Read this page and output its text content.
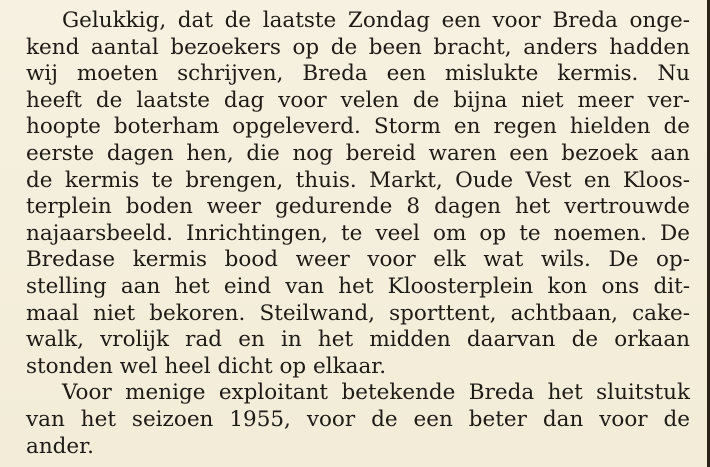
Gelukkig, dat de laatste Zondag een voor Breda onge-
kend aantal bezoekers op de been bracht, anders hadden
wij moeten schrijven, Breda een mislukte kermis. Nu
heeft de laatste dag voor velen de bijna niet meer ver-
hoopte boterham opgeleverd. Storm en regen hielden de
eerste dagen hen, die nog bereid waren een bezoek aan
de kermis te brengen, thuis. Markt, Oude Vest en Kloos-
terplein boden weer gedurende 8 dagen het vertrouwde
najaarsbeeld. Inrichtingen, te veel om op te noemen. De
Bredase kermis bood weer voor elk wat wils. De op-
stelling aan het eind van het Kloosterplein kon ons dit-
maal niet bekoren. Steilwand, sporttent, achtbaan, cake-
walk, vrolijk rad en in het midden daarvan de orkaan
stonden wel heel dicht op elkaar.
Voor menige exploitant betekende Breda het sluitstuk
van het seizoen 1955, voor de een beter dan voor de
ander.
